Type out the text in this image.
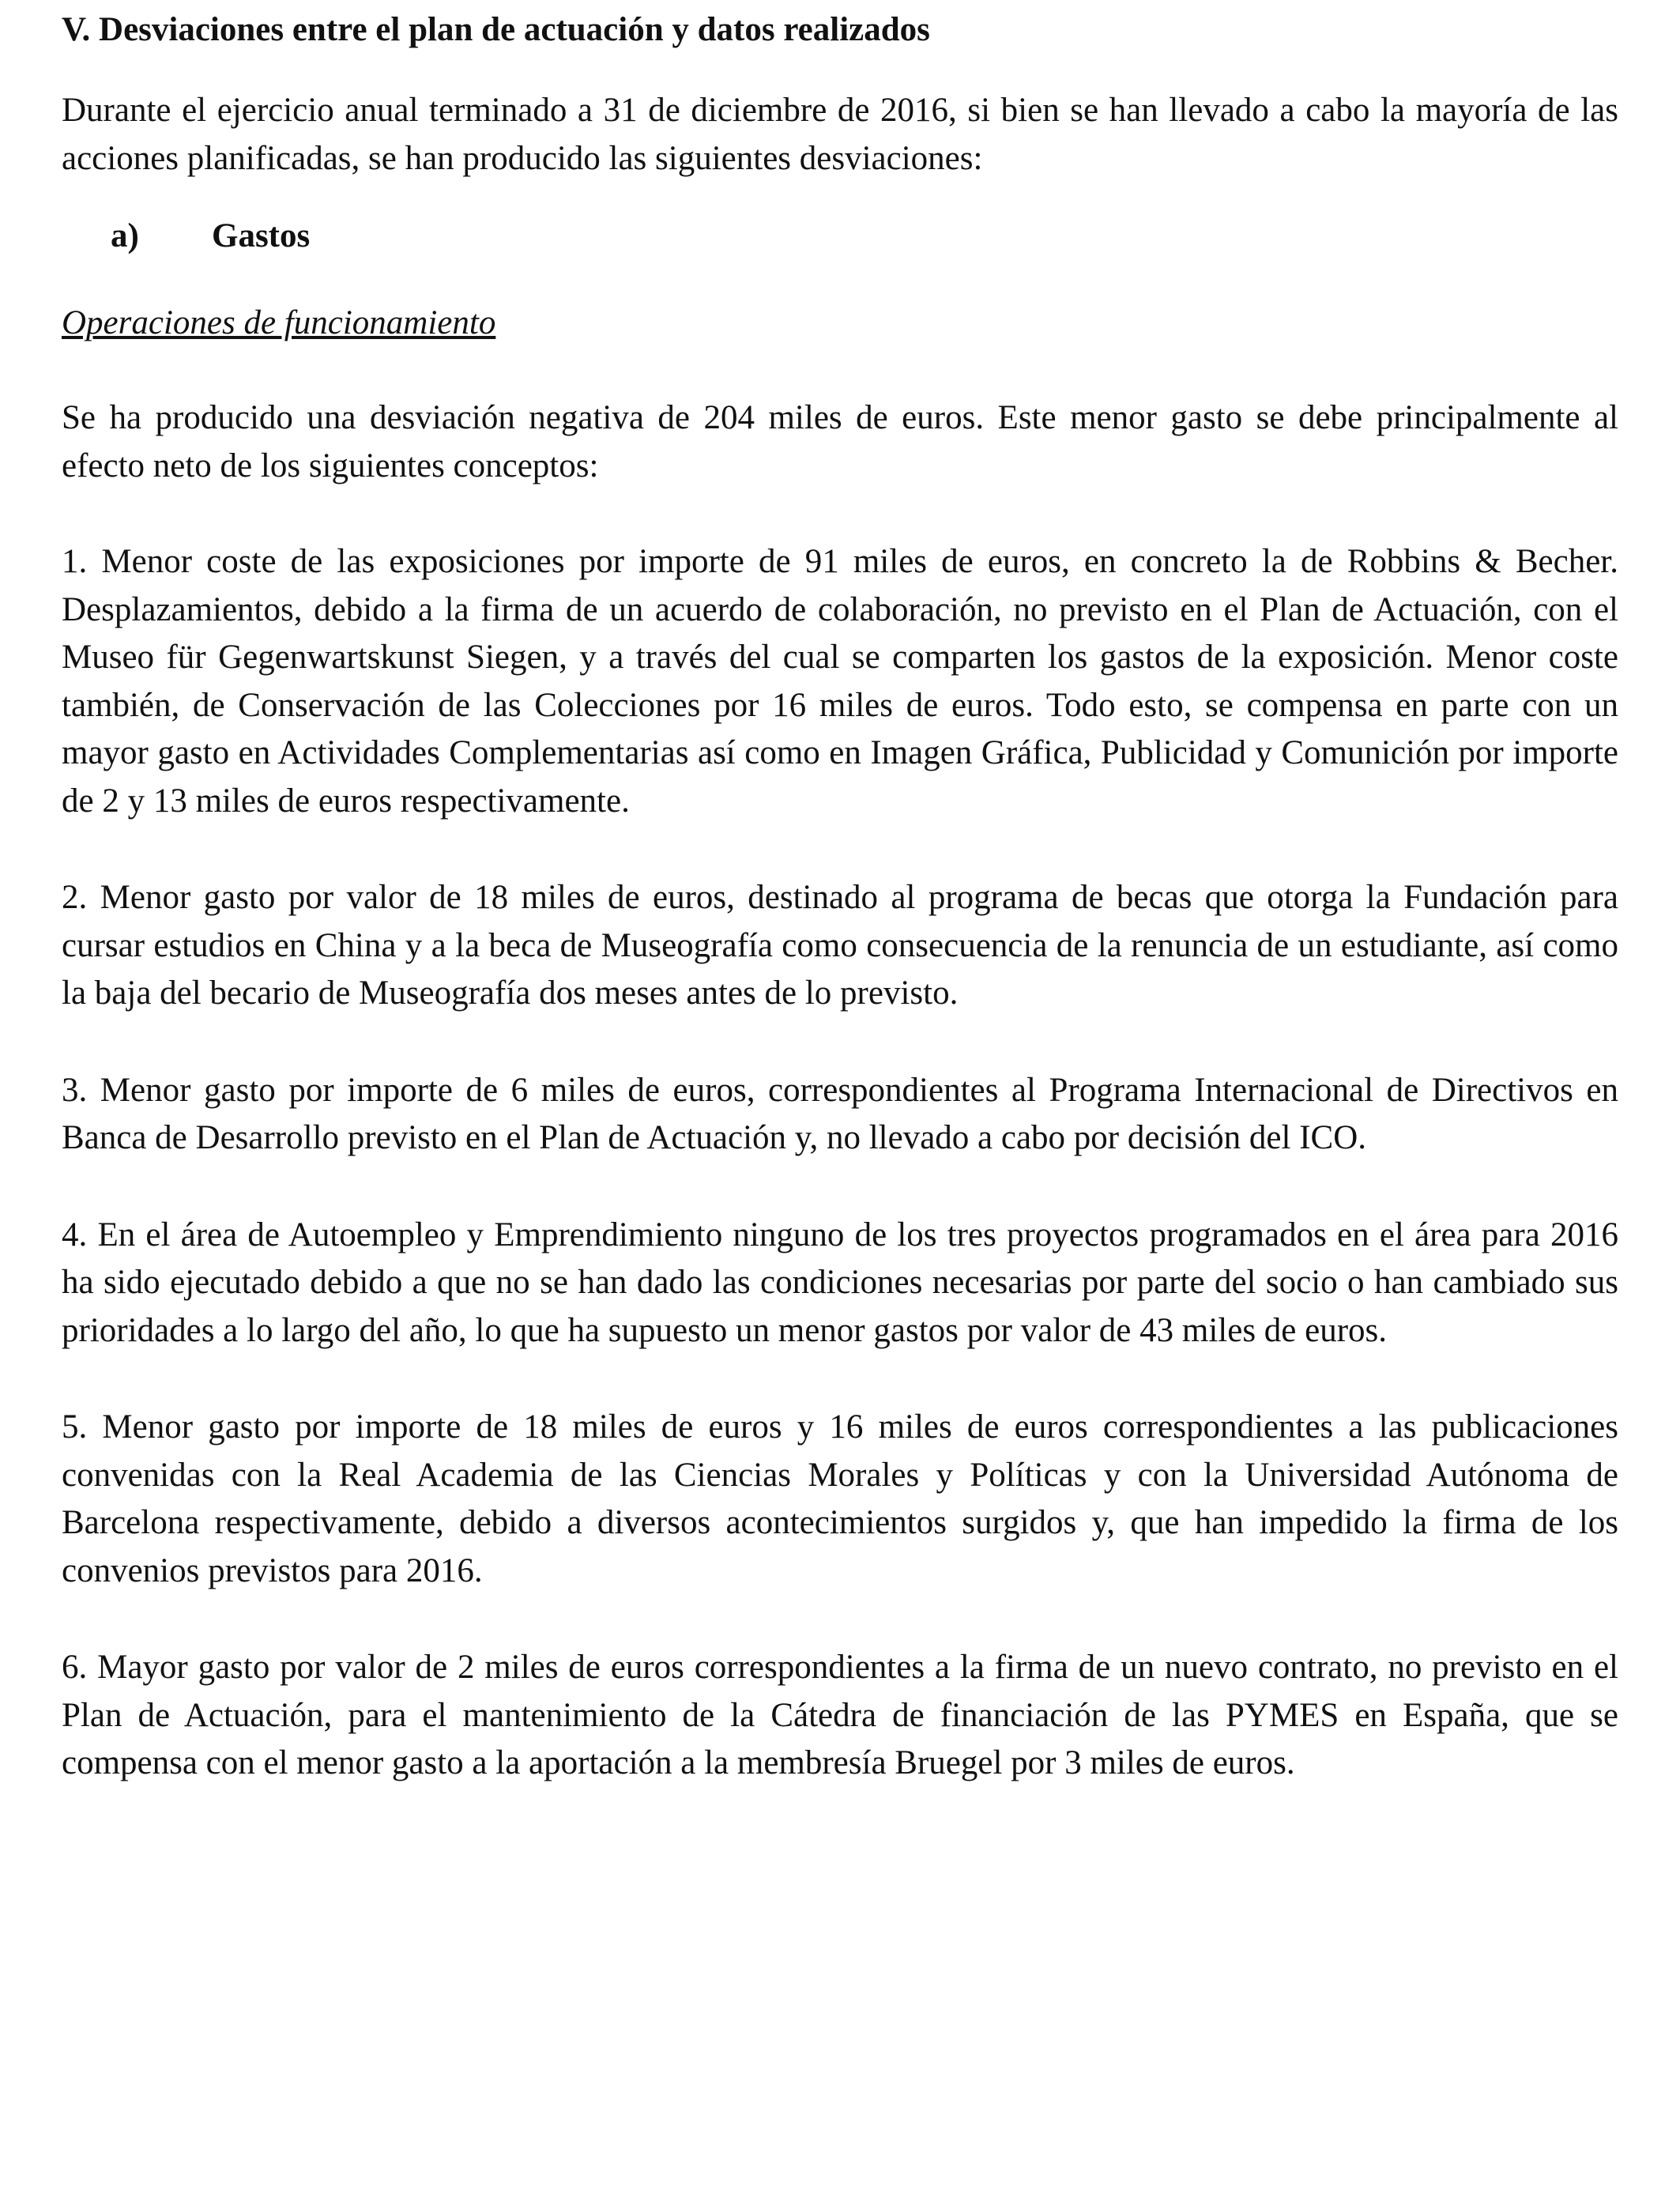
V. Desviaciones entre el plan de actuación y datos realizados

Durante el ejercicio anual terminado a 31 de diciembre de 2016, si bien se han llevado a cabo la mayoría de las acciones planificadas, se han producido las siguientes desviaciones:

a)	Gastos
Operaciones de funcionamiento

Se ha producido una desviación negativa de 204 miles de euros. Este menor gasto se debe principalmente al efecto neto de los siguientes conceptos:

1. Menor coste de las exposiciones por importe de 91 miles de euros, en concreto la de Robbins & Becher. Desplazamientos, debido a la firma de un acuerdo de colaboración, no previsto en el Plan de Actuación, con el Museo für Gegenwartskunst Siegen, y a través del cual se comparten los gastos de la exposición. Menor coste también, de Conservación de las Colecciones por 16 miles de euros. Todo esto, se compensa en parte con un mayor gasto en Actividades Complementarias así como en Imagen Gráfica, Publicidad y Comunición por importe de 2 y 13 miles de euros respectivamente.

2. Menor gasto por valor de 18 miles de euros, destinado al programa de becas que otorga la Fundación para cursar estudios en China y a la beca de Museografía como consecuencia de la renuncia de un estudiante, así como la baja del becario de Museografía dos meses antes de lo previsto.

3. Menor gasto por importe de 6 miles de euros, correspondientes al Programa Internacional de Directivos en Banca de Desarrollo previsto en el Plan de Actuación y, no llevado a cabo por decisión del ICO.

4. En el área de Autoempleo y Emprendimiento ninguno de los tres proyectos programados en el área para 2016 ha sido ejecutado debido a que no se han dado las condiciones necesarias por parte del socio o han cambiado sus prioridades a lo largo del año, lo que ha supuesto un menor gastos por valor de 43 miles de euros.

5. Menor gasto por importe de 18 miles de euros y 16 miles de euros correspondientes a las publicaciones convenidas con la Real Academia de las Ciencias Morales y Políticas y con la Universidad Autónoma de Barcelona respectivamente, debido a diversos acontecimientos surgidos y, que han impedido la firma de los convenios previstos para 2016.

6. Mayor gasto por valor de 2 miles de euros correspondientes a la firma de un nuevo contrato, no previsto en el Plan de Actuación, para el mantenimiento de la Cátedra de financiación de las PYMES en España, que se compensa con el menor gasto a la aportación a la membresía Bruegel por 3 miles de euros.
